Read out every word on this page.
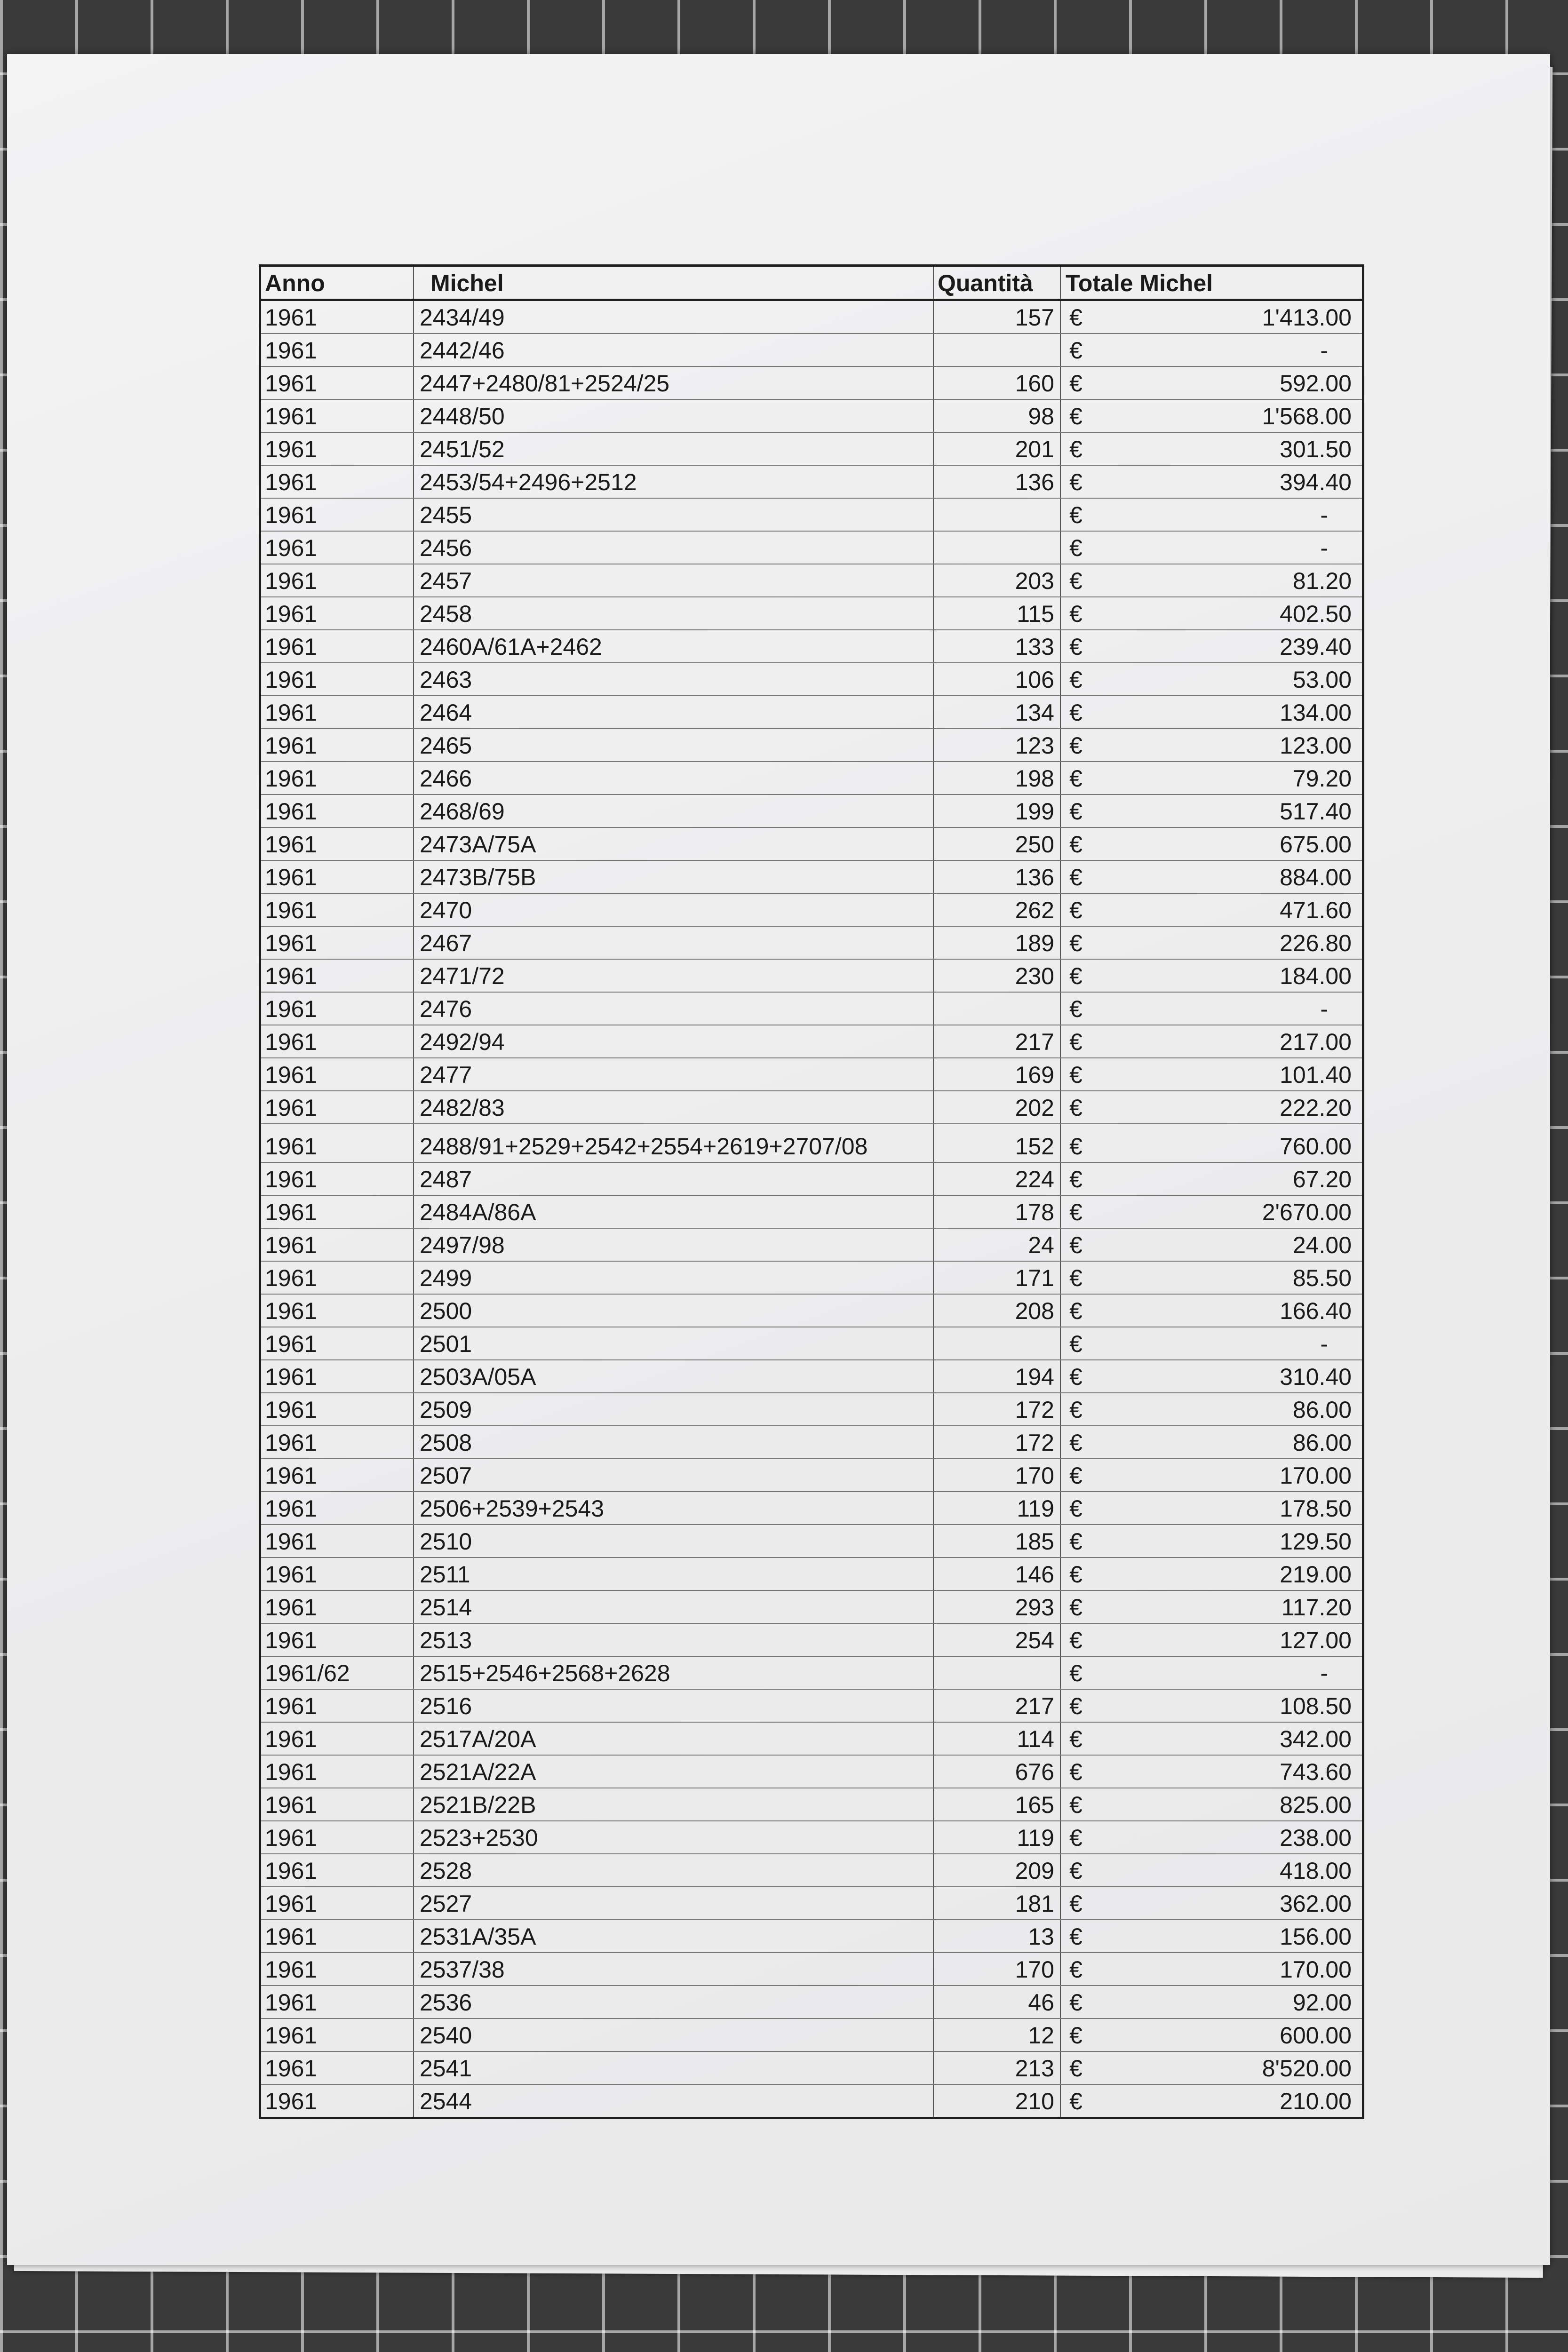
Anno	Michel	Quantità	Totale Michel
1961	2434/49	157 €	1'413.00
1961	2442/46	€	-
1961	2447+2480/81+2524/25	160 €	592.00
1961	2448/50	98 €	1'568.00
1961	2451/52	201 €	301.50
1961	2453/54+2496+2512	136 €	394.40
1961	2455	€	-
1961	2456	€	-
1961	2457	203 €	81.20
1961	2458	115 €	402.50
1961	2460A/61A+2462	133 €	239.40
1961	2463	106 €	53.00
1961	2464	134 €	134.00
1961	2465	123 €	123.00
1961	2466	198 €	79.20
1961	2468/69	199 €	517.40
1961	2473A/75A	250 €	675.00
1961	2473B/75B	136 €	884.00
1961	2470	262 €	471.60
1961	2467	189 €	226.80
1961	2471/72	230 €	184.00
1961	2476	€	-
1961	2492/94	217 €	217.00
1961	2477	169 €	101.40
1961	2482/83	202 €	222.20
1961	2488/91+2529+2542+2554+2619+2707/08	152 €	760.00
1961	2487	224 €	67.20
1961	2484A/86A	178 €	2'670.00
1961	2497/98	24 €	24.00
1961	2499	171 €	85.50
1961	2500	208 €	166.40
1961	2501	€	-
1961	2503A/05A	194 €	310.40
1961	2509	172 €	86.00
1961	2508	172 €	86.00
1961	2507	170 €	170.00
1961	2506+2539+2543	119 €	178.50
1961	2510	185 €	129.50
1961	2511	146 €	219.00
1961	2514	293 €	117.20
1961	2513	254 €	127.00
1961/62	2515+2546+2568+2628	€	-
1961	2516	217 €	108.50
1961	2517A/20A	114 €	342.00
1961	2521A/22A	676 €	743.60
1961	2521B/22B	165 €	825.00
1961	2523+2530	119 €	238.00
1961	2528	209 €	418.00
1961	2527	181 €	362.00
1961	2531A/35A	13 €	156.00
1961	2537/38	170 €	170.00
1961	2536	46 €	92.00
1961	2540	12 €	600.00
1961	2541	213 €	8'520.00
1961	2544	210 €	210.00
